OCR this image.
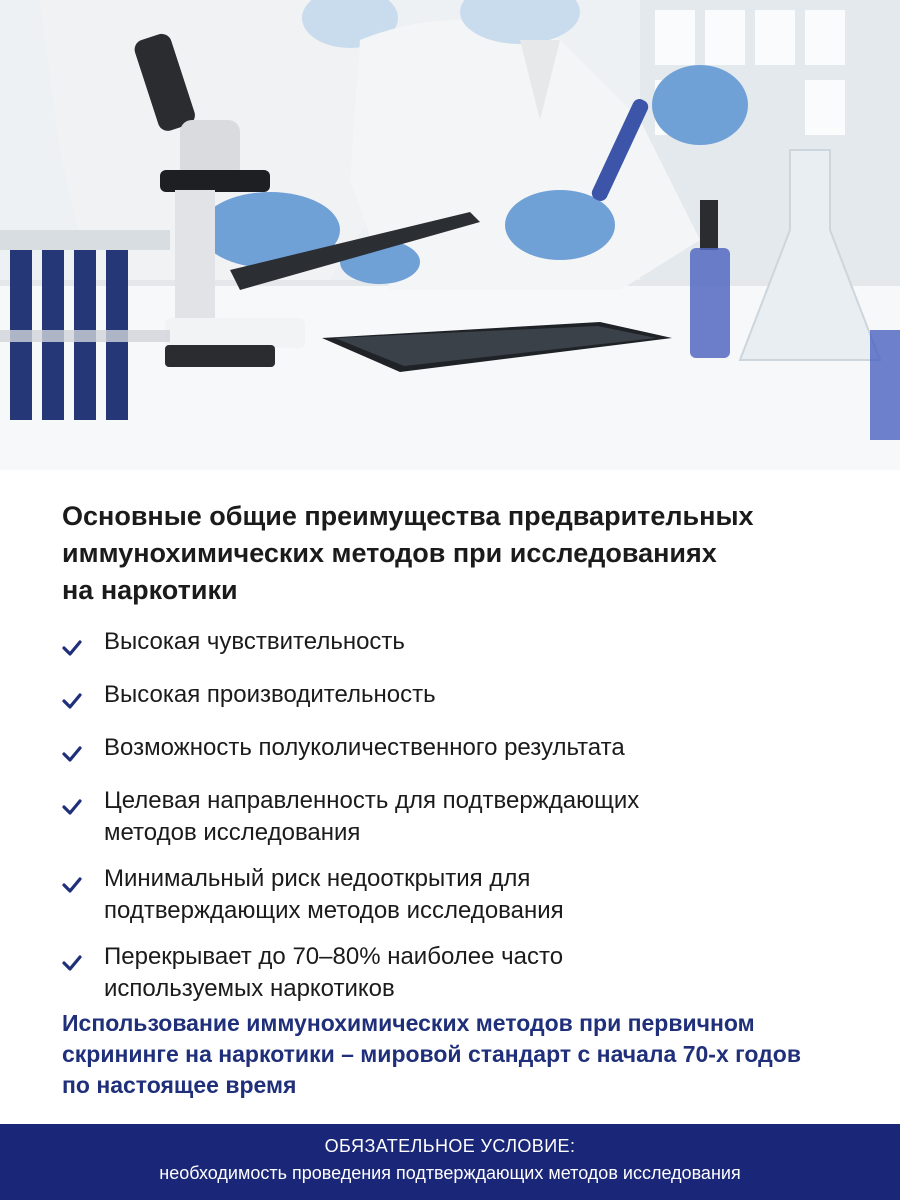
Основные общие преимущества предварительных
иммунохимических методов при исследованиях
на наркотики
Высокая чувствительность
Высокая производительность
Возможность полуколичественного результата
Целевая направленность для подтверждающих
методов исследования
Минимальный риск недооткрытия для
подтверждающих методов исследования
Перекрывает до 70–80% наиболее часто
используемых наркотиков

Использование иммунохимических методов при первичном
скрининге на наркотики – мировой стандарт с начала 70-х годов
по настоящее время

ОБЯЗАТЕЛЬНОЕ УСЛОВИЕ:
необходимость проведения подтверждающих методов исследования
